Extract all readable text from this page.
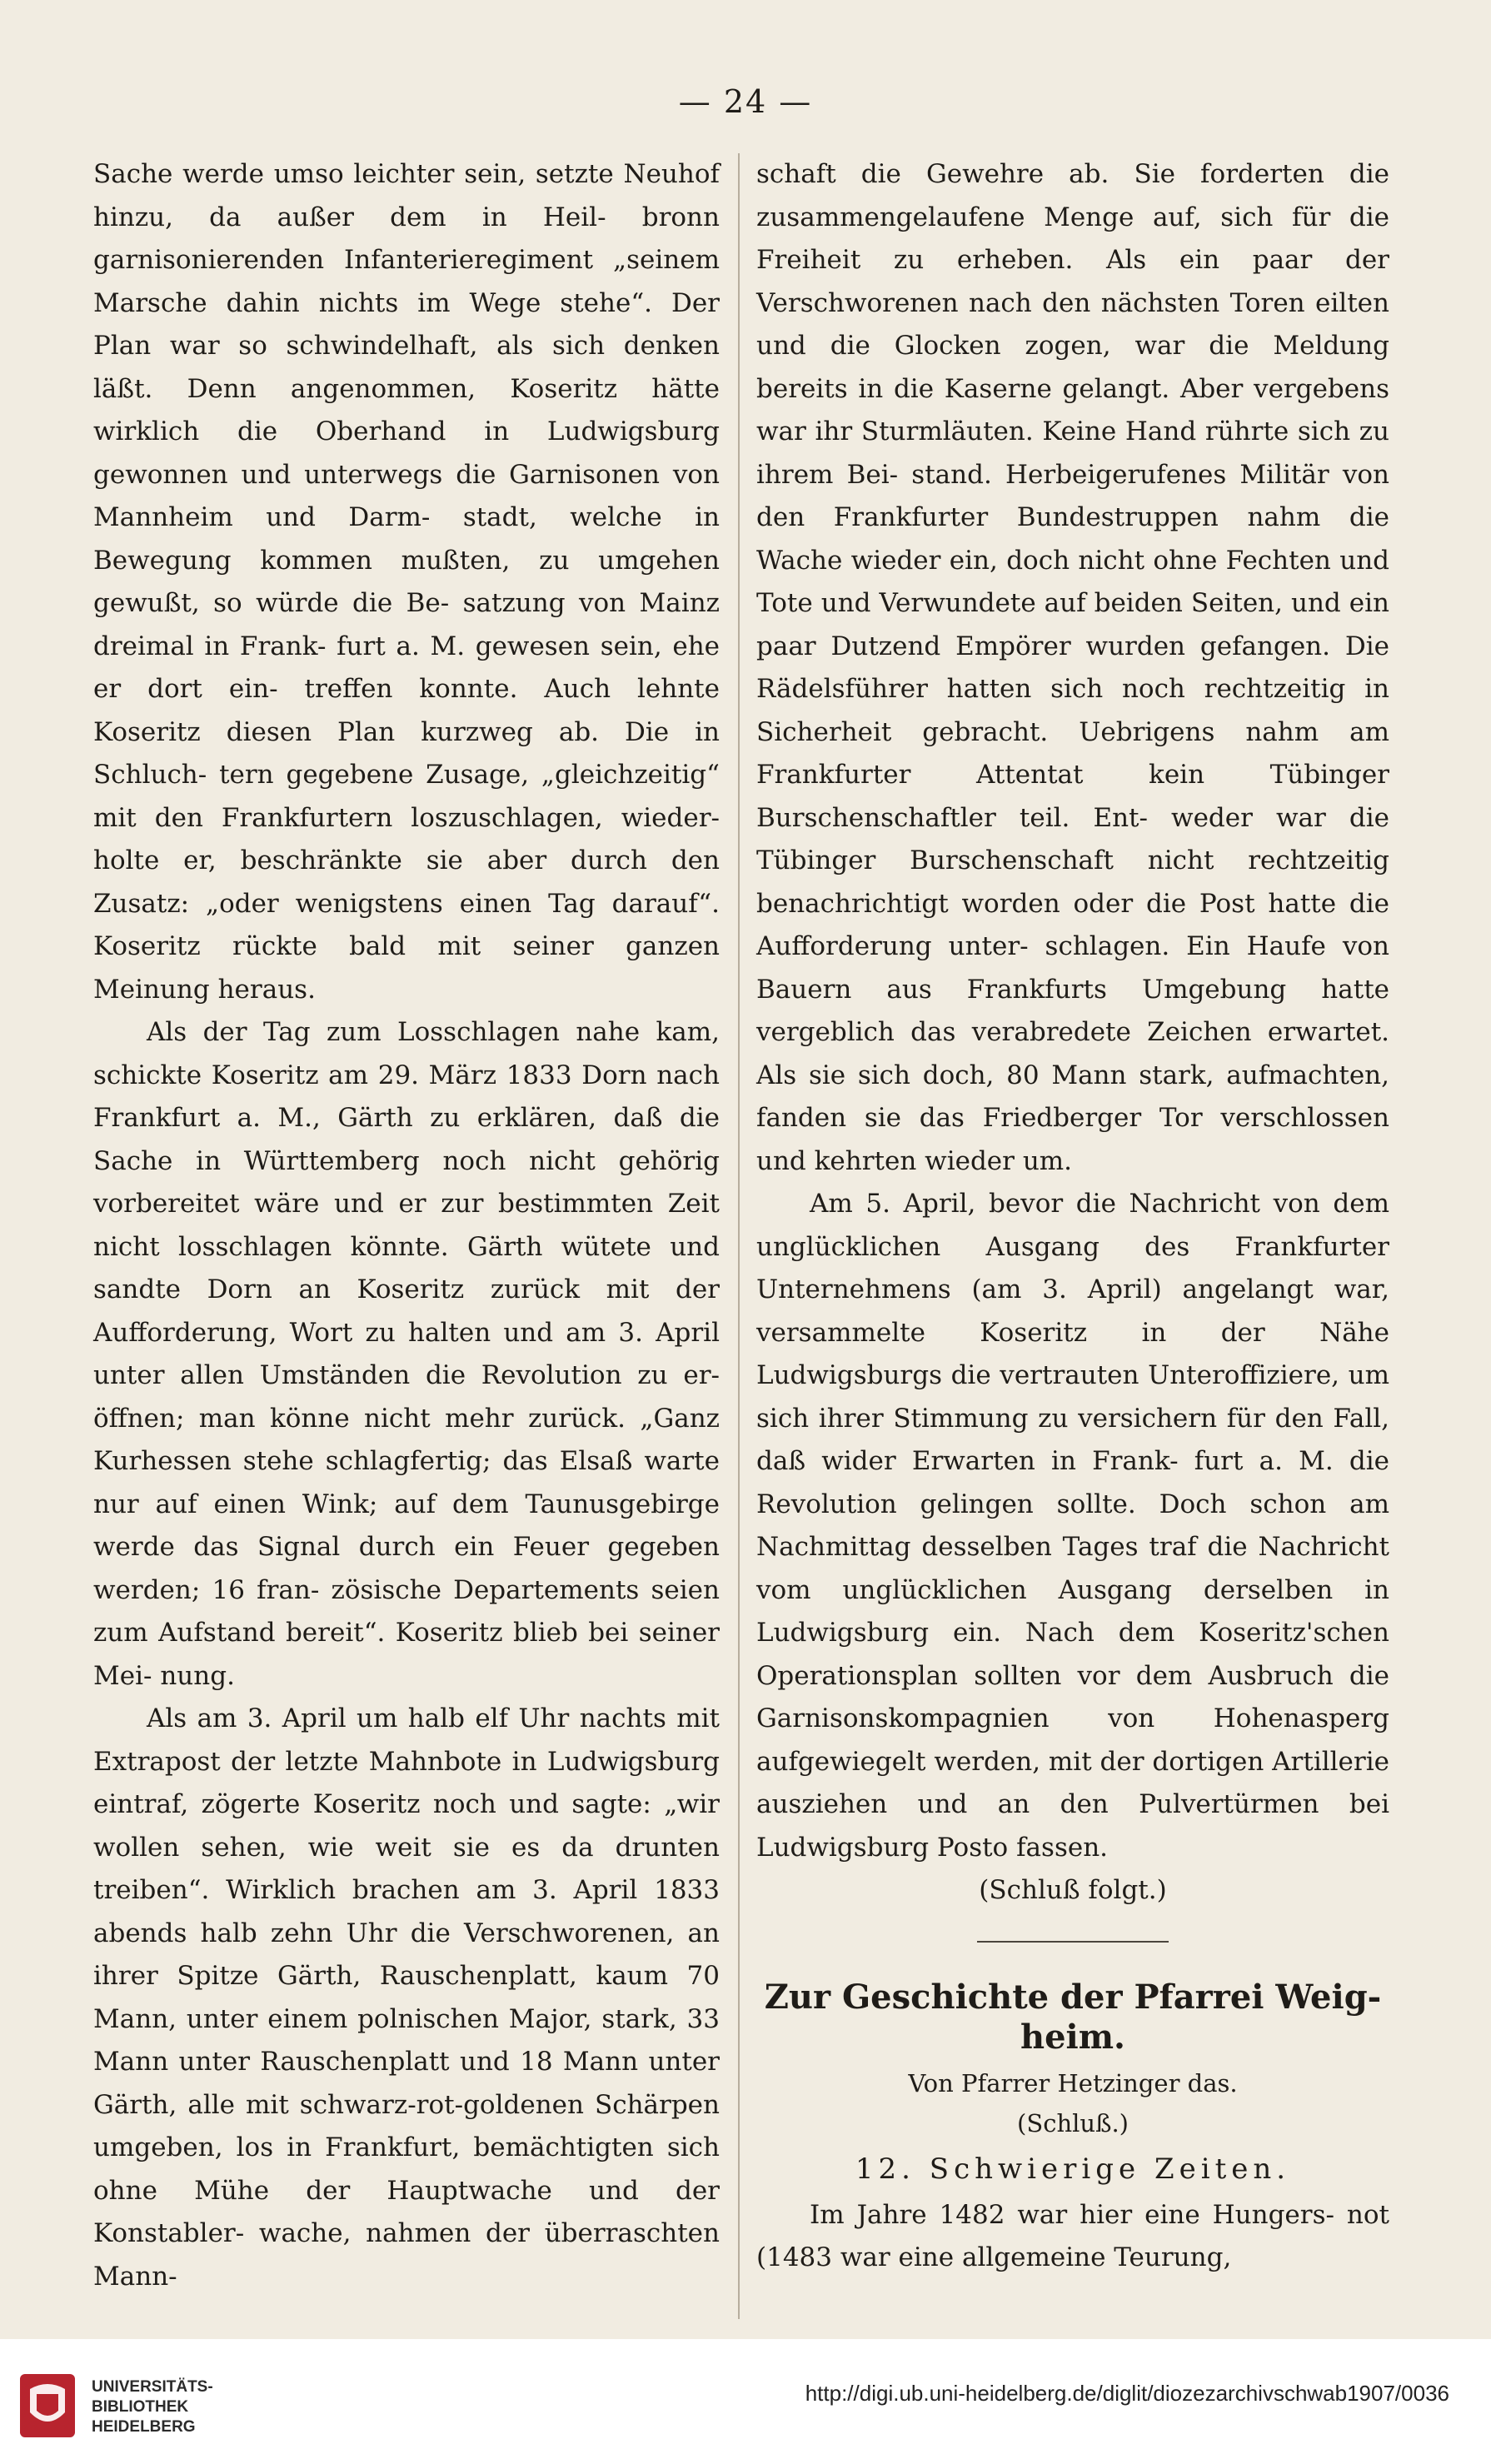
— 24 —

Sache werde umso leichter sein, setzte Neuhof hinzu, da außer dem in Heil- bronn garnisonierenden Infanterieregiment „seinem Marsche dahin nichts im Wege stehe“. Der Plan war so schwindelhaft, als sich denken läßt. Denn angenommen, Koseritz hätte wirklich die Oberhand in Ludwigsburg gewonnen und unterwegs die Garnisonen von Mannheim und Darm- stadt, welche in Bewegung kommen mußten, zu umgehen gewußt, so würde die Be- satzung von Mainz dreimal in Frank- furt a. M. gewesen sein, ehe er dort ein- treffen konnte. Auch lehnte Koseritz diesen Plan kurzweg ab. Die in Schluch- tern gegebene Zusage, „gleichzeitig“ mit den Frankfurtern loszuschlagen, wieder- holte er, beschränkte sie aber durch den Zusatz: „oder wenigstens einen Tag darauf“. Koseritz rückte bald mit seiner ganzen Meinung heraus.

Als der Tag zum Losschlagen nahe kam, schickte Koseritz am 29. März 1833 Dorn nach Frankfurt a. M., Gärth zu erklären, daß die Sache in Württemberg noch nicht gehörig vorbereitet wäre und er zur bestimmten Zeit nicht losschlagen könnte. Gärth wütete und sandte Dorn an Koseritz zurück mit der Aufforderung, Wort zu halten und am 3. April unter allen Umständen die Revolution zu er- öffnen; man könne nicht mehr zurück. „Ganz Kurhessen stehe schlagfertig; das Elsaß warte nur auf einen Wink; auf dem Taunusgebirge werde das Signal durch ein Feuer gegeben werden; 16 fran- zösische Departements seien zum Aufstand bereit“. Koseritz blieb bei seiner Mei- nung.

Als am 3. April um halb elf Uhr nachts mit Extrapost der letzte Mahnbote in Ludwigsburg eintraf, zögerte Koseritz noch und sagte: „wir wollen sehen, wie weit sie es da drunten treiben“. Wirklich brachen am 3. April 1833 abends halb zehn Uhr die Verschworenen, an ihrer Spitze Gärth, Rauschenplatt, kaum 70 Mann, unter einem polnischen Major, stark, 33 Mann unter Rauschenplatt und 18 Mann unter Gärth, alle mit schwarz-rot-goldenen Schärpen umgeben, los in Frankfurt, bemächtigten sich ohne Mühe der Hauptwache und der Konstabler- wache, nahmen der überraschten Mann-

schaft die Gewehre ab. Sie forderten die zusammengelaufene Menge auf, sich für die Freiheit zu erheben. Als ein paar der Verschworenen nach den nächsten Toren eilten und die Glocken zogen, war die Meldung bereits in die Kaserne gelangt. Aber vergebens war ihr Sturmläuten. Keine Hand rührte sich zu ihrem Bei- stand. Herbeigerufenes Militär von den Frankfurter Bundestruppen nahm die Wache wieder ein, doch nicht ohne Fechten und Tote und Verwundete auf beiden Seiten, und ein paar Dutzend Empörer wurden gefangen. Die Rädelsführer hatten sich noch rechtzeitig in Sicherheit gebracht. Uebrigens nahm am Frankfurter Attentat kein Tübinger Burschenschaftler teil. Ent- weder war die Tübinger Burschenschaft nicht rechtzeitig benachrichtigt worden oder die Post hatte die Aufforderung unter- schlagen. Ein Haufe von Bauern aus Frankfurts Umgebung hatte vergeblich das verabredete Zeichen erwartet. Als sie sich doch, 80 Mann stark, aufmachten, fanden sie das Friedberger Tor verschlossen und kehrten wieder um.

Am 5. April, bevor die Nachricht von dem unglücklichen Ausgang des Frankfurter Unternehmens (am 3. April) angelangt war, versammelte Koseritz in der Nähe Ludwigsburgs die vertrauten Unteroffiziere, um sich ihrer Stimmung zu versichern für den Fall, daß wider Erwarten in Frank- furt a. M. die Revolution gelingen sollte. Doch schon am Nachmittag desselben Tages traf die Nachricht vom unglücklichen Ausgang derselben in Ludwigsburg ein. Nach dem Koseritz'schen Operationsplan sollten vor dem Ausbruch die Garnisonskompagnien von Hohenasperg aufgewiegelt werden, mit der dortigen Artillerie ausziehen und an den Pulvertürmen bei Ludwigsburg Posto fassen.

(Schluß folgt.)

Zur Geschichte der Pfarrei Weig- heim.
Von Pfarrer Hetzinger das.
(Schluß.)
12. Schwierige Zeiten.

Im Jahre 1482 war hier eine Hungers- not (1483 war eine allgemeine Teurung,

UNIVERSITÄTS-
BIBLIOTHEK
HEIDELBERG
http://digi.ub.uni-heidelberg.de/diglit/diozezarchivschwab1907/0036
